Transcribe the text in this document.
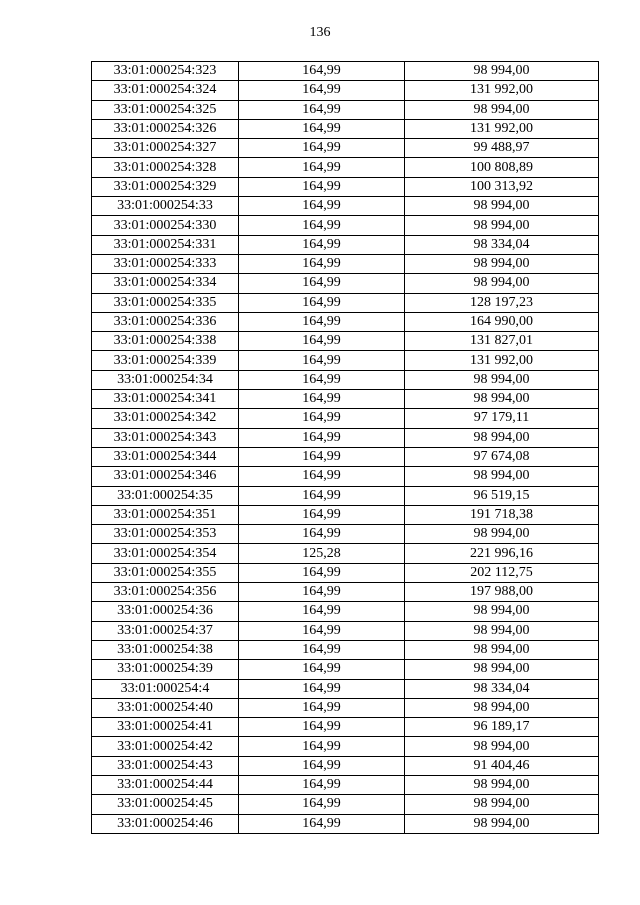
136
33:01:000254:323	164,99	98 994,00
33:01:000254:324	164,99	131 992,00
33:01:000254:325	164,99	98 994,00
33:01:000254:326	164,99	131 992,00
33:01:000254:327	164,99	99 488,97
33:01:000254:328	164,99	100 808,89
33:01:000254:329	164,99	100 313,92
33:01:000254:33	164,99	98 994,00
33:01:000254:330	164,99	98 994,00
33:01:000254:331	164,99	98 334,04
33:01:000254:333	164,99	98 994,00
33:01:000254:334	164,99	98 994,00
33:01:000254:335	164,99	128 197,23
33:01:000254:336	164,99	164 990,00
33:01:000254:338	164,99	131 827,01
33:01:000254:339	164,99	131 992,00
33:01:000254:34	164,99	98 994,00
33:01:000254:341	164,99	98 994,00
33:01:000254:342	164,99	97 179,11
33:01:000254:343	164,99	98 994,00
33:01:000254:344	164,99	97 674,08
33:01:000254:346	164,99	98 994,00
33:01:000254:35	164,99	96 519,15
33:01:000254:351	164,99	191 718,38
33:01:000254:353	164,99	98 994,00
33:01:000254:354	125,28	221 996,16
33:01:000254:355	164,99	202 112,75
33:01:000254:356	164,99	197 988,00
33:01:000254:36	164,99	98 994,00
33:01:000254:37	164,99	98 994,00
33:01:000254:38	164,99	98 994,00
33:01:000254:39	164,99	98 994,00
33:01:000254:4	164,99	98 334,04
33:01:000254:40	164,99	98 994,00
33:01:000254:41	164,99	96 189,17
33:01:000254:42	164,99	98 994,00
33:01:000254:43	164,99	91 404,46
33:01:000254:44	164,99	98 994,00
33:01:000254:45	164,99	98 994,00
33:01:000254:46	164,99	98 994,00
